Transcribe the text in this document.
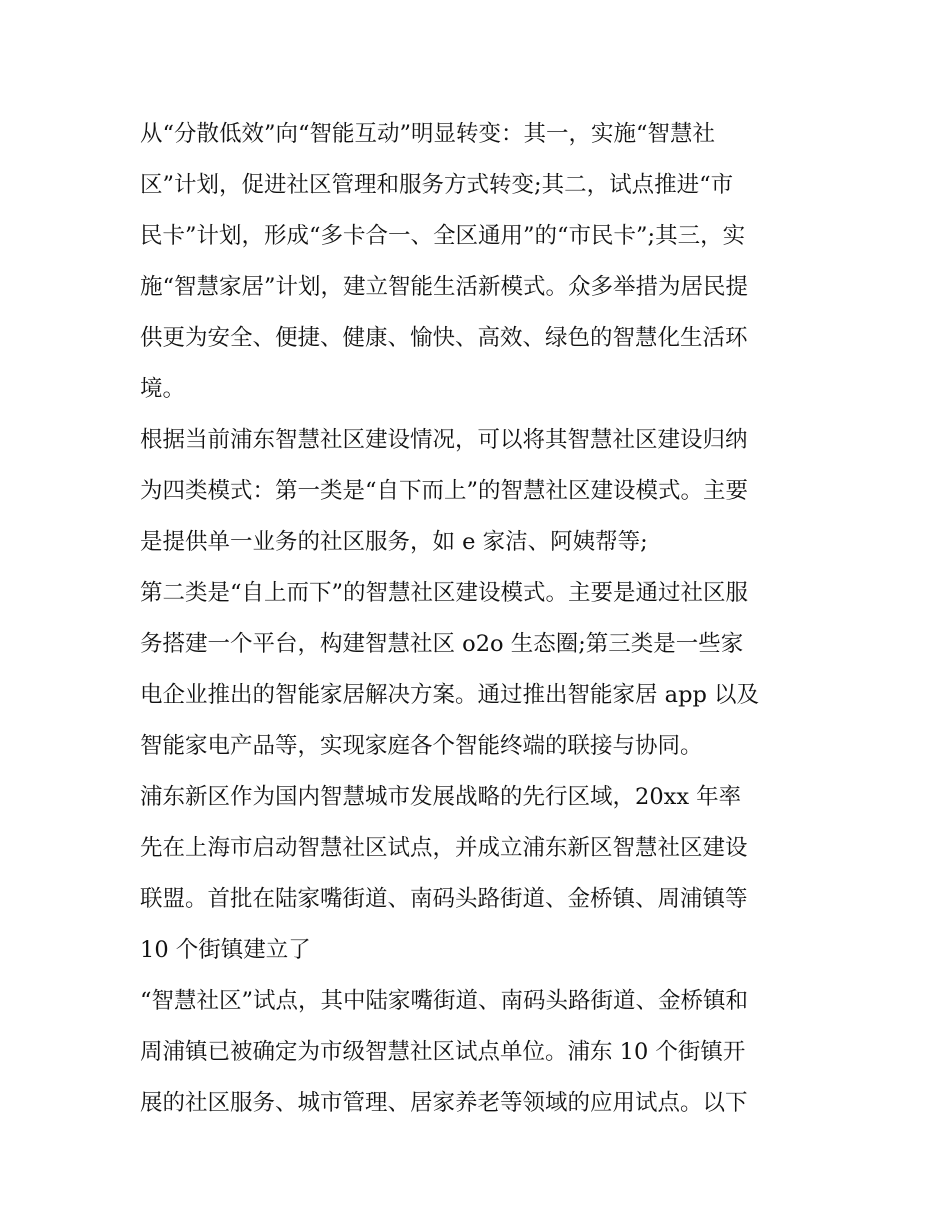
从“分散低效”向“智能互动”明显转变：其一，实施“智慧社
区”计划，促进社区管理和服务方式转变;其二，试点推进“市
民卡”计划，形成“多卡合一、全区通用”的“市民卡”;其三，实
施“智慧家居”计划，建立智能生活新模式。众多举措为居民提
供更为安全、便捷、健康、愉快、高效、绿色的智慧化生活环
境。
根据当前浦东智慧社区建设情况，可以将其智慧社区建设归纳
为四类模式：第一类是“自下而上”的智慧社区建设模式。主要
是提供单一业务的社区服务，如 e 家洁、阿姨帮等;
第二类是“自上而下”的智慧社区建设模式。主要是通过社区服
务搭建一个平台，构建智慧社区 o2o 生态圈;第三类是一些家
电企业推出的智能家居解决方案。通过推出智能家居 app 以及
智能家电产品等，实现家庭各个智能终端的联接与协同。
浦东新区作为国内智慧城市发展战略的先行区域，20xx 年率
先在上海市启动智慧社区试点，并成立浦东新区智慧社区建设
联盟。首批在陆家嘴街道、南码头路街道、金桥镇、周浦镇等
10 个街镇建立了
“智慧社区”试点，其中陆家嘴街道、南码头路街道、金桥镇和
周浦镇已被确定为市级智慧社区试点单位。浦东 10 个街镇开
展的社区服务、城市管理、居家养老等领域的应用试点。以下
